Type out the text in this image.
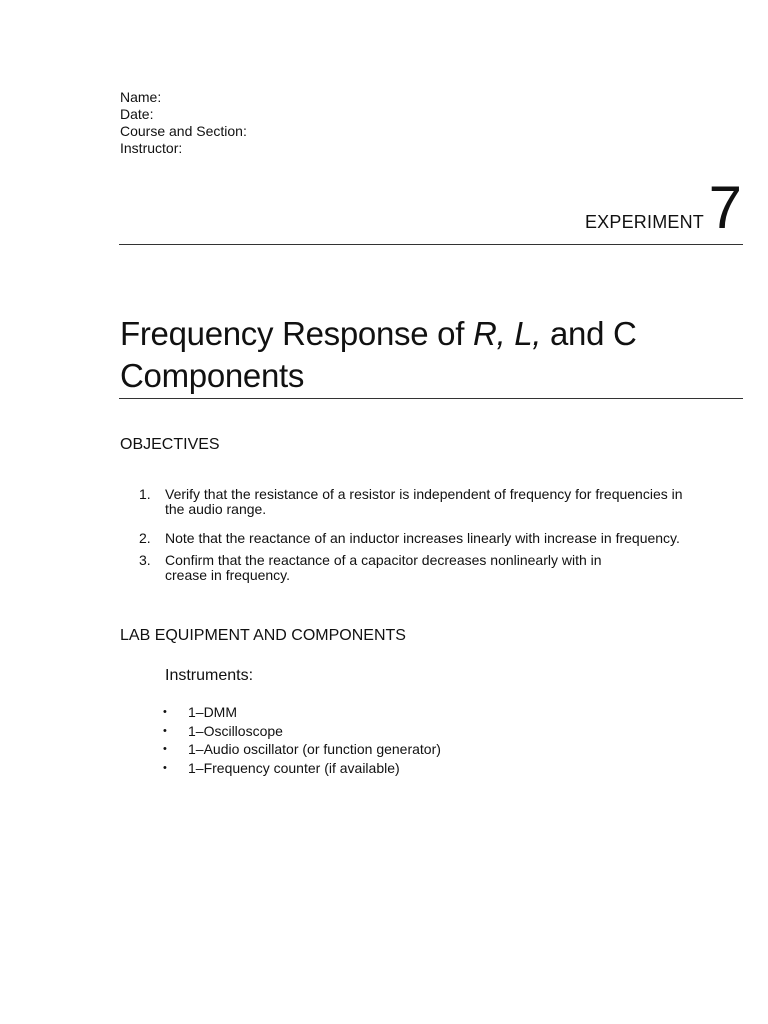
Name:
Date:
Course and Section:
Instructor:
EXPERIMENT 7
Frequency Response of R, L, and C
Components
OBJECTIVES
1. Verify that the resistance of a resistor is independent of frequency for frequencies in
the audio range.
2. Note that the reactance of an inductor increases linearly with increase in frequency.
3. Confirm that the reactance of a capacitor decreases nonlinearly with in
crease in frequency.
LAB EQUIPMENT AND COMPONENTS
Instruments:
• 1–DMM
• 1–Oscilloscope
• 1–Audio oscillator (or function generator)
• 1–Frequency counter (if available)
